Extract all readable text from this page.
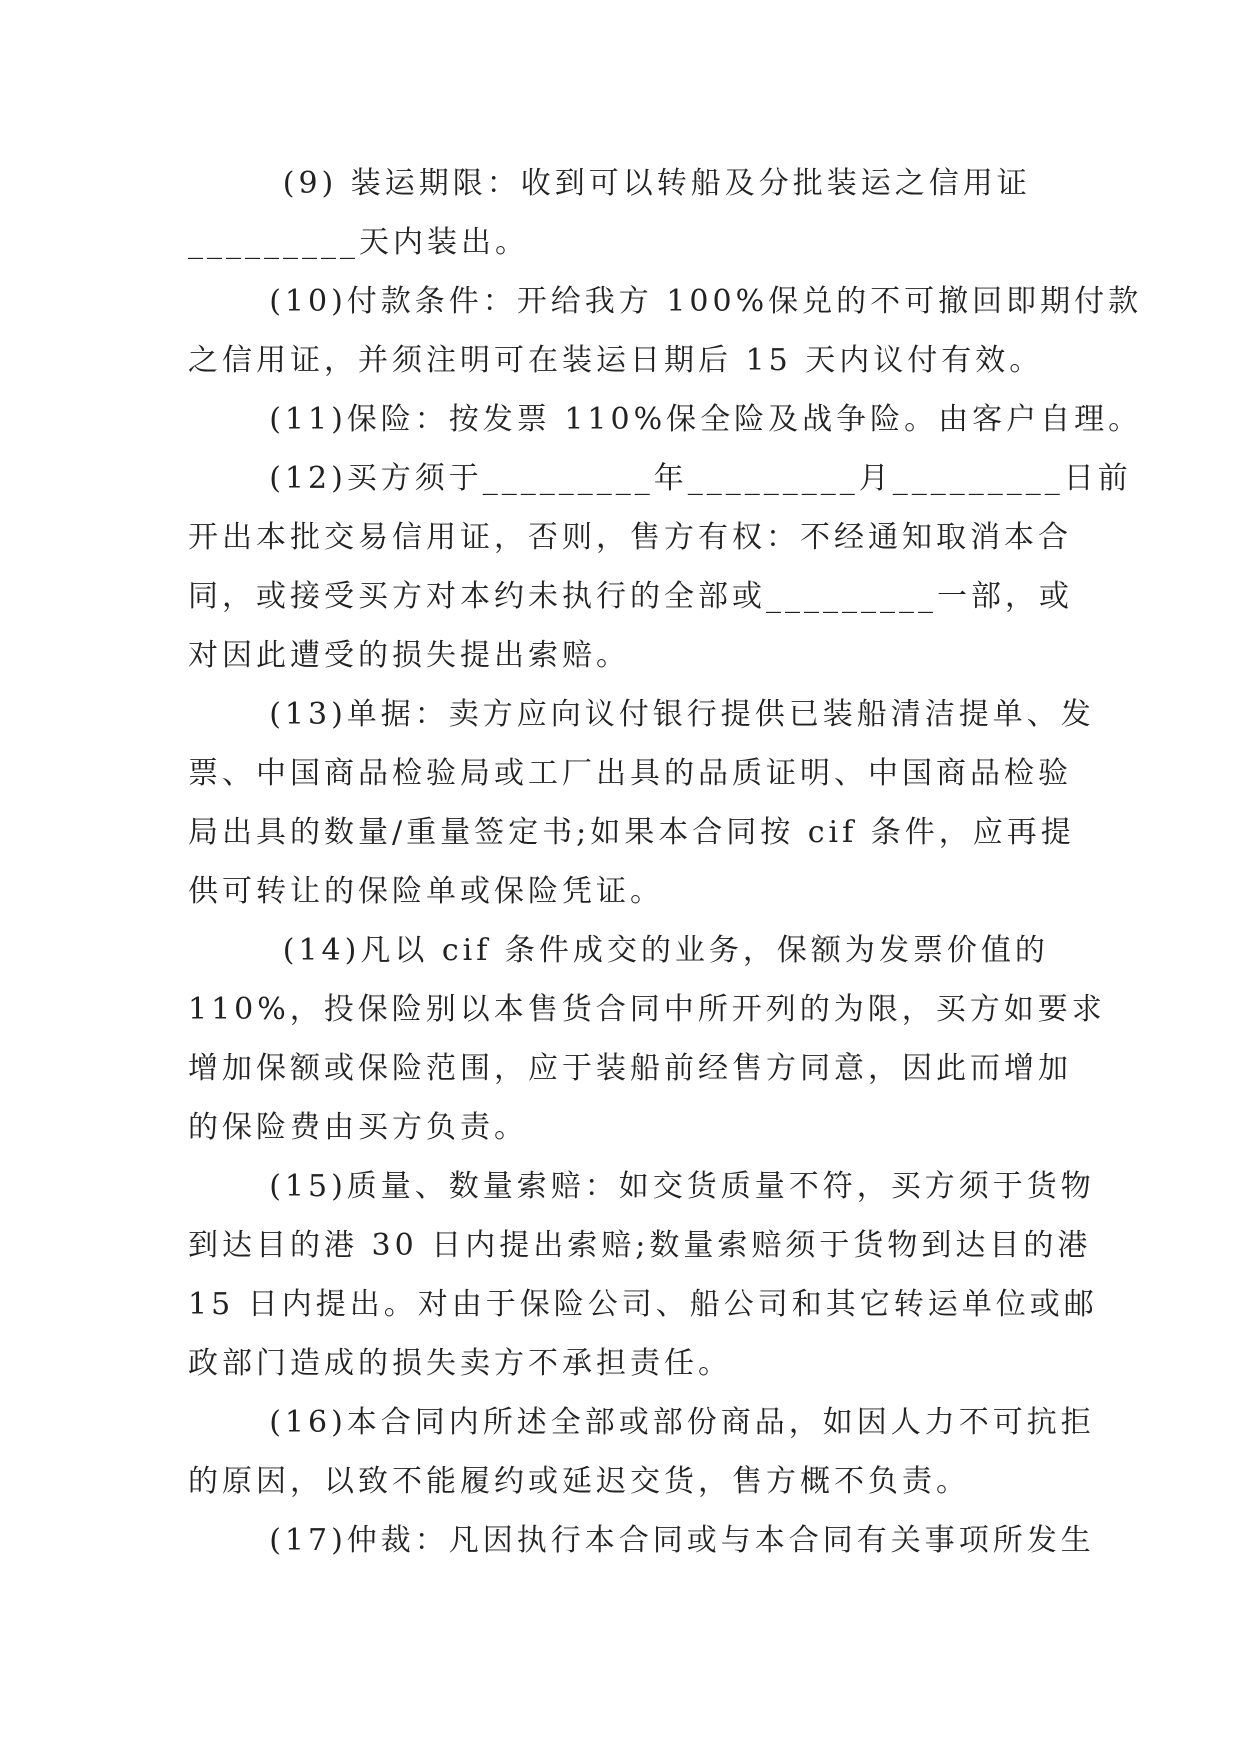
(9) 装运期限：收到可以转船及分批装运之信用证
_________天内装出。
(10)付款条件：开给我方 100%保兑的不可撤回即期付款
之信用证，并须注明可在装运日期后 15 天内议付有效。
(11)保险：按发票 110%保全险及战争险。由客户自理。
(12)买方须于_________年_________月_________日前
开出本批交易信用证，否则，售方有权：不经通知取消本合
同，或接受买方对本约未执行的全部或_________一部，或
对因此遭受的损失提出索赔。
(13)单据：卖方应向议付银行提供已装船清洁提单、发
票、中国商品检验局或工厂出具的品质证明、中国商品检验
局出具的数量/重量签定书;如果本合同按 cif 条件，应再提
供可转让的保险单或保险凭证。
(14)凡以 cif 条件成交的业务，保额为发票价值的
110%，投保险别以本售货合同中所开列的为限，买方如要求
增加保额或保险范围，应于装船前经售方同意，因此而增加
的保险费由买方负责。
(15)质量、数量索赔：如交货质量不符，买方须于货物
到达目的港 30 日内提出索赔;数量索赔须于货物到达目的港
15 日内提出。对由于保险公司、船公司和其它转运单位或邮
政部门造成的损失卖方不承担责任。
(16)本合同内所述全部或部份商品，如因人力不可抗拒
的原因，以致不能履约或延迟交货，售方概不负责。
(17)仲裁：凡因执行本合同或与本合同有关事项所发生
